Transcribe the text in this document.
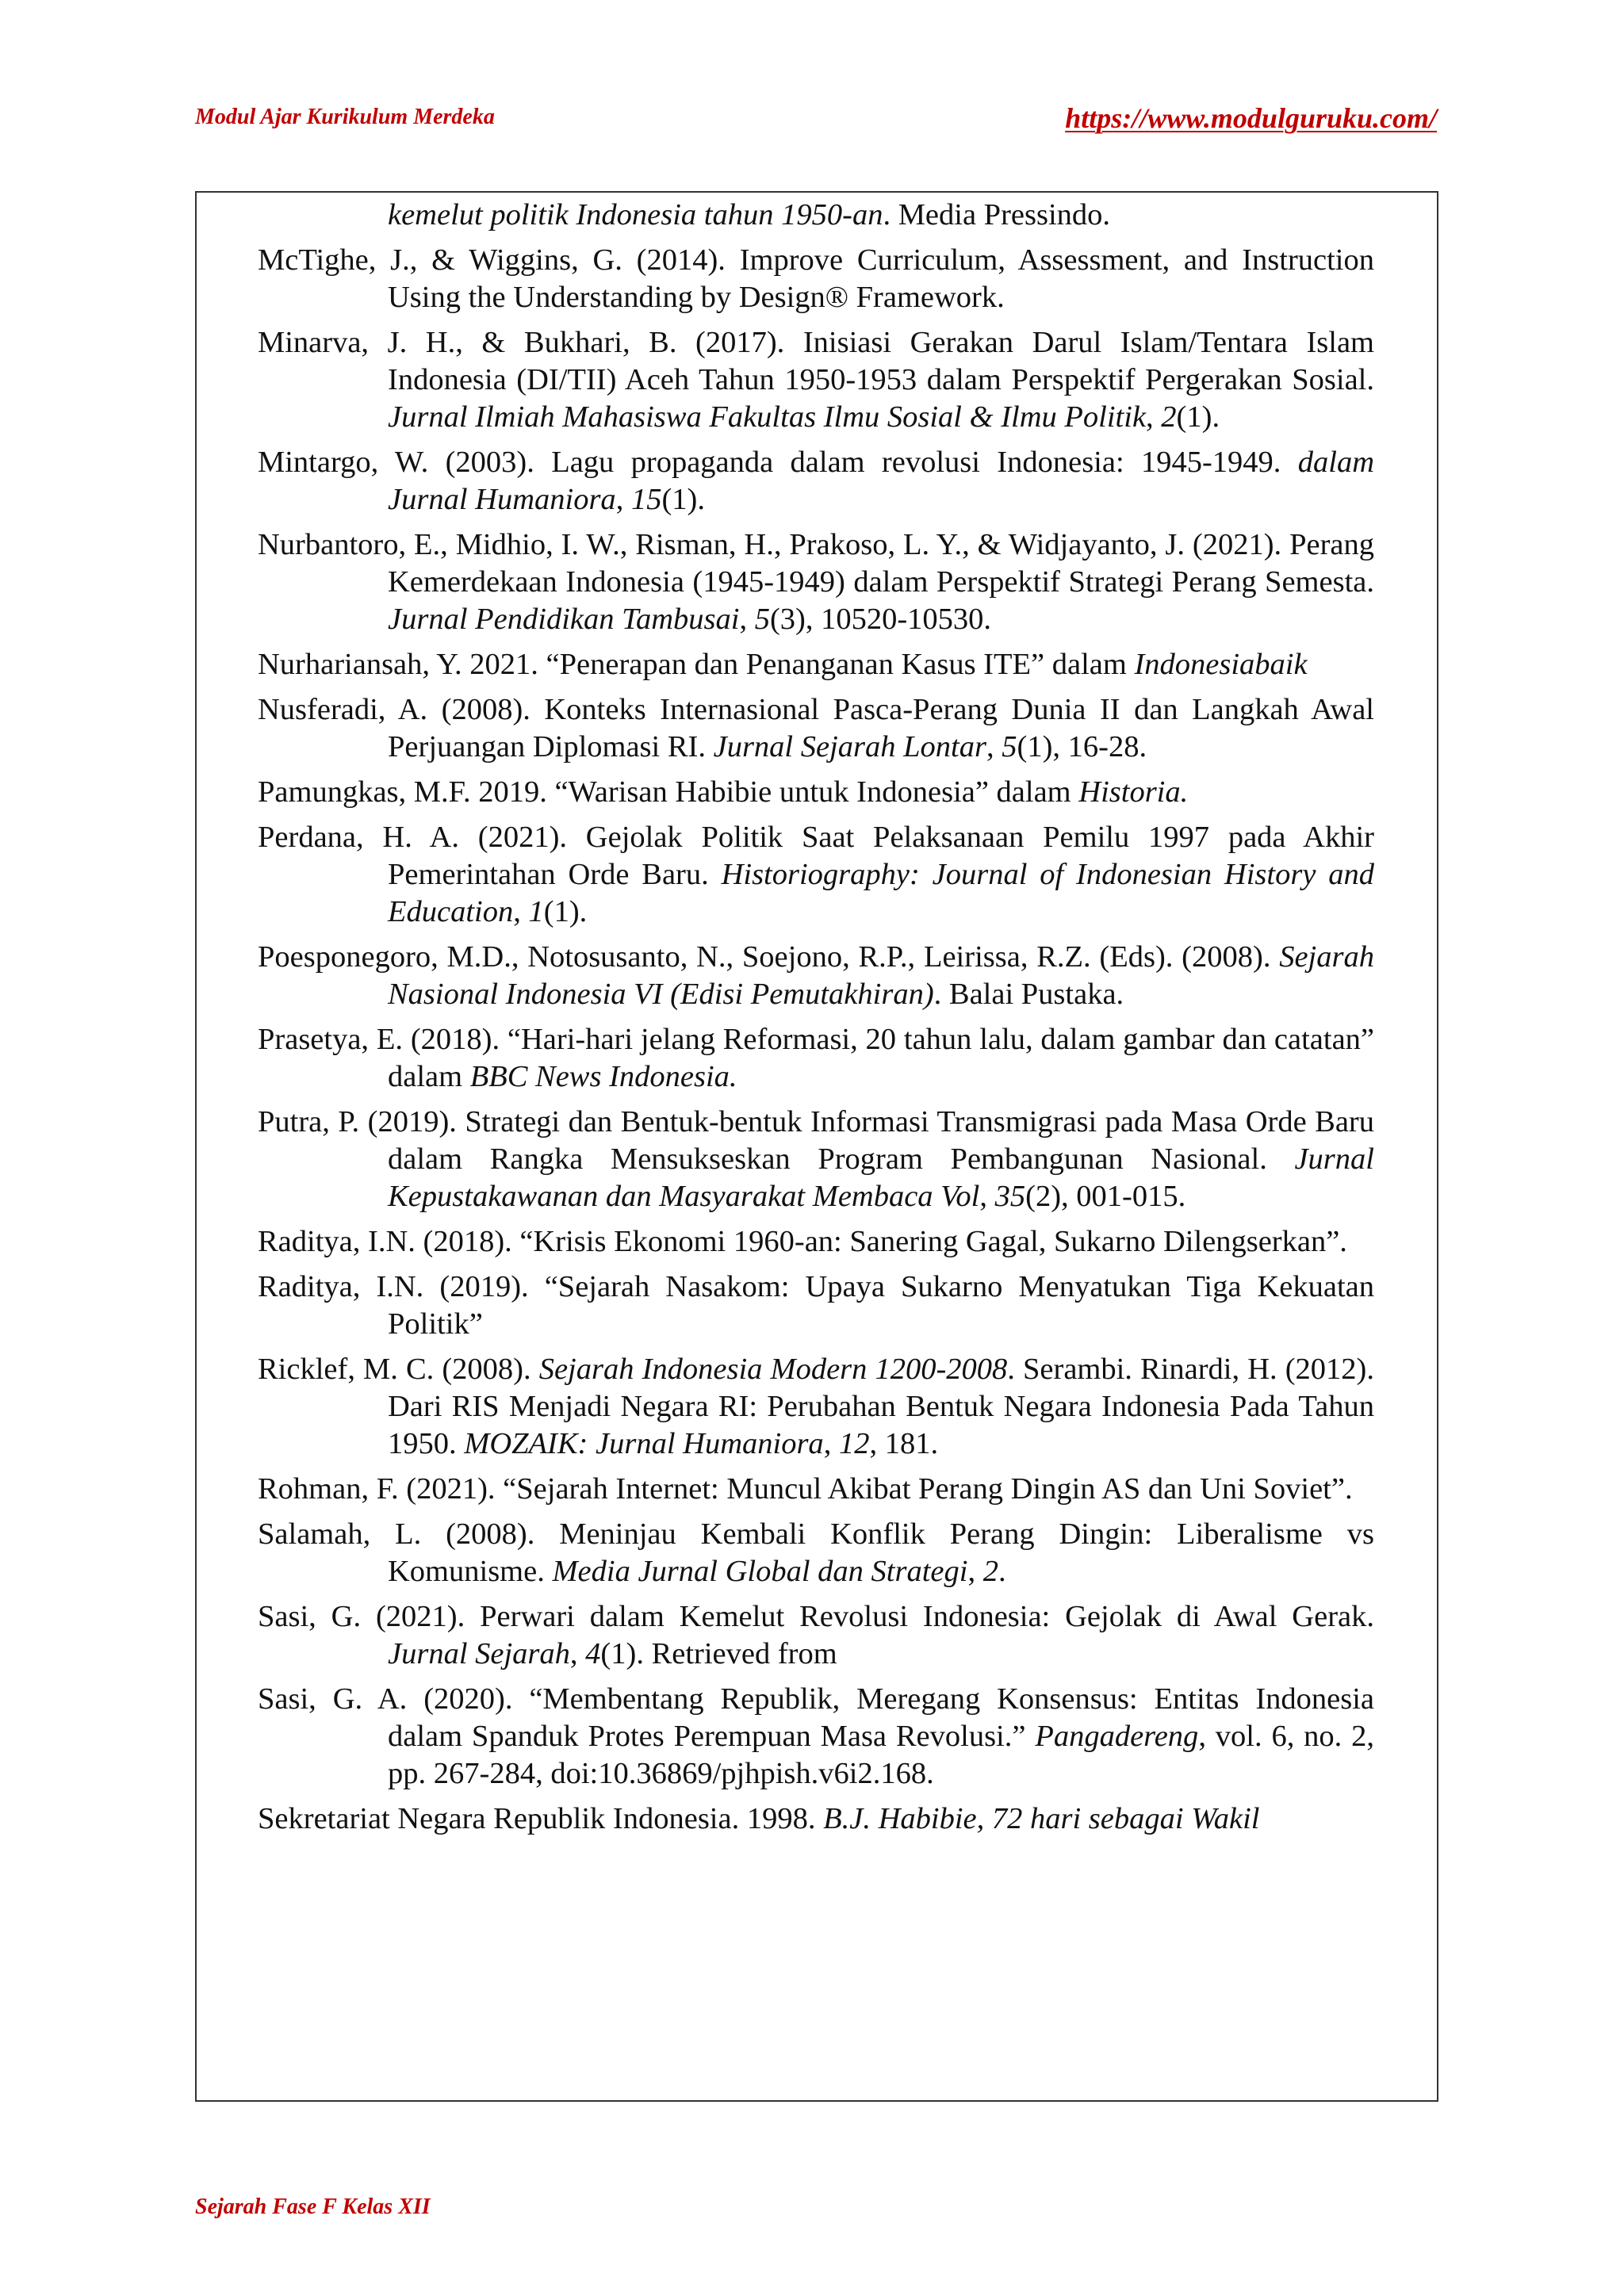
Modul Ajar Kurikulum Merdeka	https://www.modulguruku.com/

kemelut politik Indonesia tahun 1950-an. Media Pressindo.

McTighe, J., & Wiggins, G. (2014). Improve Curriculum, Assessment, and Instruction Using the Understanding by Design® Framework.

Minarva, J. H., & Bukhari, B. (2017). Inisiasi Gerakan Darul Islam/Tentara Islam Indonesia (DI/TII) Aceh Tahun 1950-1953 dalam Perspektif Pergerakan Sosial. Jurnal Ilmiah Mahasiswa Fakultas Ilmu Sosial & Ilmu Politik, 2(1).

Mintargo, W. (2003). Lagu propaganda dalam revolusi Indonesia: 1945-1949. dalam Jurnal Humaniora, 15(1).

Nurbantoro, E., Midhio, I. W., Risman, H., Prakoso, L. Y., & Widjayanto, J. (2021). Perang Kemerdekaan Indonesia (1945-1949) dalam Perspektif Strategi Perang Semesta. Jurnal Pendidikan Tambusai, 5(3), 10520-10530.

Nurhariansah, Y. 2021. “Penerapan dan Penanganan Kasus ITE” dalam Indonesiabaik

Nusferadi, A. (2008). Konteks Internasional Pasca-Perang Dunia II dan Langkah Awal Perjuangan Diplomasi RI. Jurnal Sejarah Lontar, 5(1), 16-28.

Pamungkas, M.F. 2019. “Warisan Habibie untuk Indonesia” dalam Historia.

Perdana, H. A. (2021). Gejolak Politik Saat Pelaksanaan Pemilu 1997 pada Akhir Pemerintahan Orde Baru. Historiography: Journal of Indonesian History and Education, 1(1).

Poesponegoro, M.D., Notosusanto, N., Soejono, R.P., Leirissa, R.Z. (Eds). (2008). Sejarah Nasional Indonesia VI (Edisi Pemutakhiran). Balai Pustaka.

Prasetya, E. (2018). “Hari-hari jelang Reformasi, 20 tahun lalu, dalam gambar dan catatan” dalam BBC News Indonesia.

Putra, P. (2019). Strategi dan Bentuk-bentuk Informasi Transmigrasi pada Masa Orde Baru dalam Rangka Mensukseskan Program Pembangunan Nasional. Jurnal Kepustakawanan dan Masyarakat Membaca Vol, 35(2), 001-015.

Raditya, I.N. (2018). “Krisis Ekonomi 1960-an: Sanering Gagal, Sukarno Dilengserkan”.

Raditya, I.N. (2019). “Sejarah Nasakom: Upaya Sukarno Menyatukan Tiga Kekuatan Politik”

Ricklef, M. C. (2008). Sejarah Indonesia Modern 1200-2008. Serambi. Rinardi, H. (2012). Dari RIS Menjadi Negara RI: Perubahan Bentuk Negara Indonesia Pada Tahun 1950. MOZAIK: Jurnal Humaniora, 12, 181.

Rohman, F. (2021). “Sejarah Internet: Muncul Akibat Perang Dingin AS dan Uni Soviet”.

Salamah, L. (2008). Meninjau Kembali Konflik Perang Dingin: Liberalisme vs Komunisme. Media Jurnal Global dan Strategi, 2.

Sasi, G. (2021). Perwari dalam Kemelut Revolusi Indonesia: Gejolak di Awal Gerak. Jurnal Sejarah, 4(1). Retrieved from

Sasi, G. A. (2020). “Membentang Republik, Meregang Konsensus: Entitas Indonesia dalam Spanduk Protes Perempuan Masa Revolusi.” Pangadereng, vol. 6, no. 2, pp. 267-284, doi:10.36869/pjhpish.v6i2.168.

Sekretariat Negara Republik Indonesia. 1998. B.J. Habibie, 72 hari sebagai Wakil

Sejarah Fase F Kelas XII
